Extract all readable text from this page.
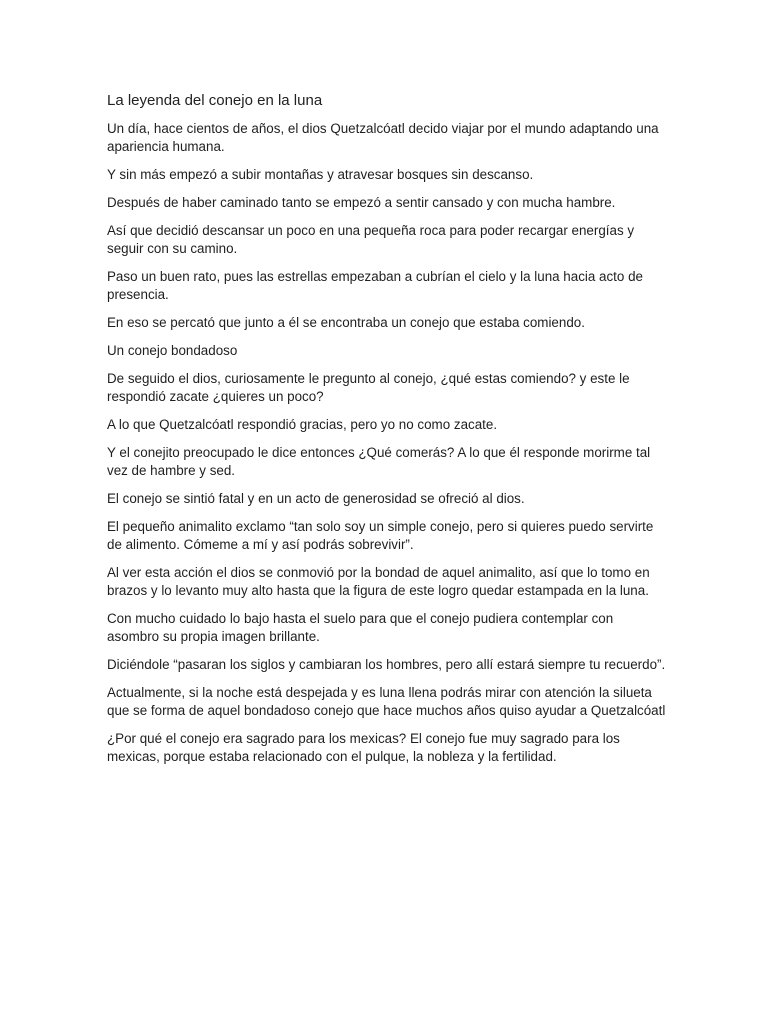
La leyenda del conejo en la luna

Un día, hace cientos de años, el dios Quetzalcóatl decido viajar por el mundo adaptando una apariencia humana.

Y sin más empezó a subir montañas y atravesar bosques sin descanso.

Después de haber caminado tanto se empezó a sentir cansado y con mucha hambre.

Así que decidió descansar un poco en una pequeña roca para poder recargar energías y seguir con su camino.

Paso un buen rato, pues las estrellas empezaban a cubrían el cielo y la luna hacia acto de presencia.

En eso se percató que junto a él se encontraba un conejo que estaba comiendo.

Un conejo bondadoso

De seguido el dios, curiosamente le pregunto al conejo, ¿qué estas comiendo? y este le respondió zacate ¿quieres un poco?

A lo que Quetzalcóatl respondió gracias, pero yo no como zacate.

Y el conejito preocupado le dice entonces ¿Qué comerás? A lo que él responde morirme tal vez de hambre y sed.

El conejo se sintió fatal y en un acto de generosidad se ofreció al dios.

El pequeño animalito exclamo “tan solo soy un simple conejo, pero si quieres puedo servirte de alimento. Cómeme a mí y así podrás sobrevivir”.

Al ver esta acción el dios se conmovió por la bondad de aquel animalito, así que lo tomo en brazos y lo levanto muy alto hasta que la figura de este logro quedar estampada en la luna.

Con mucho cuidado lo bajo hasta el suelo para que el conejo pudiera contemplar con asombro su propia imagen brillante.

Diciéndole “pasaran los siglos y cambiaran los hombres, pero allí estará siempre tu recuerdo”.

Actualmente, si la noche está despejada y es luna llena podrás mirar con atención la silueta que se forma de aquel bondadoso conejo que hace muchos años quiso ayudar a Quetzalcóatl

¿Por qué el conejo era sagrado para los mexicas? El conejo fue muy sagrado para los mexicas, porque estaba relacionado con el pulque, la nobleza y la fertilidad.
